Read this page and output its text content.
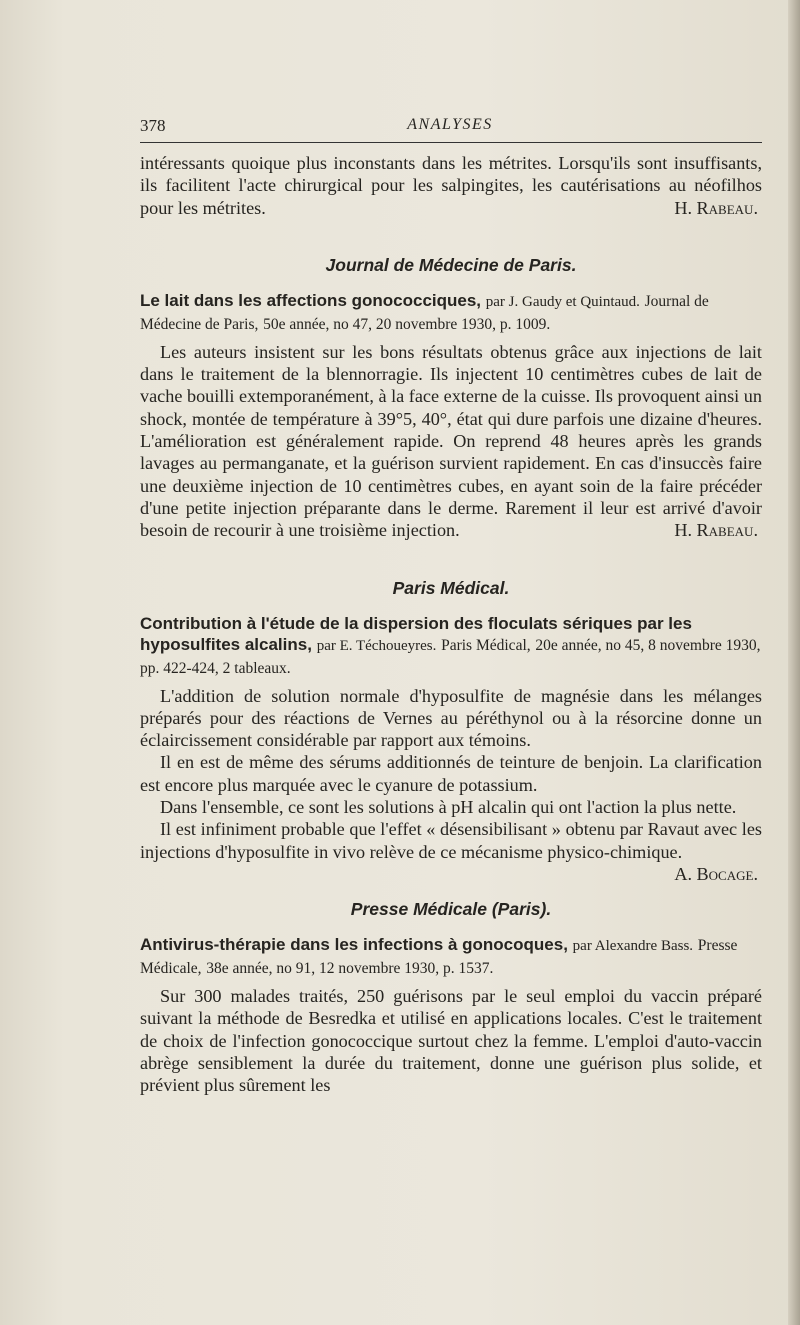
378	ANALYSES

intéressants quoique plus inconstants dans les métrites. Lorsqu'ils sont insuffisants, ils facilitent l'acte chirurgical pour les salpingites, les cautérisations au néofilhos pour les métrites.	H. Rabeau.

Journal de Médecine de Paris.
Le lait dans les affections gonococciques, par J. Gaudy et Quintaud. Journal de Médecine de Paris, 50e année, no 47, 20 novembre 1930, p. 1009.

Les auteurs insistent sur les bons résultats obtenus grâce aux injections de lait dans le traitement de la blennorragie. Ils injectent 10 centimètres cubes de lait de vache bouilli extemporanément, à la face externe de la cuisse. Ils provoquent ainsi un shock, montée de température à 39°5, 40°, état qui dure parfois une dizaine d'heures. L'amélioration est généralement rapide. On reprend 48 heures après les grands lavages au permanganate, et la guérison survient rapidement. En cas d'insuccès faire une deuxième injection de 10 centimètres cubes, en ayant soin de la faire précéder d'une petite injection préparante dans le derme. Rarement il leur est arrivé d'avoir besoin de recourir à une troisième injection.	H. Rabeau.

Paris Médical.
Contribution à l'étude de la dispersion des floculats sériques par les hyposulfites alcalins, par E. Téchoueyres. Paris Médical, 20e année, no 45, 8 novembre 1930, pp. 422-424, 2 tableaux.

L'addition de solution normale d'hyposulfite de magnésie dans les mélanges préparés pour des réactions de Vernes au péréthynol ou à la résorcine donne un éclaircissement considérable par rapport aux témoins.

Il en est de même des sérums additionnés de teinture de benjoin. La clarification est encore plus marquée avec le cyanure de potassium.

Dans l'ensemble, ce sont les solutions à pH alcalin qui ont l'action la plus nette.

Il est infiniment probable que l'effet « désensibilisant » obtenu par Ravaut avec les injections d'hyposulfite in vivo relève de ce mécanisme physico-chimique.
A. Bocage.

Presse Médicale (Paris).
Antivirus-thérapie dans les infections à gonocoques, par Alexandre Bass. Presse Médicale, 38e année, no 91, 12 novembre 1930, p. 1537.

Sur 300 malades traités, 250 guérisons par le seul emploi du vaccin préparé suivant la méthode de Besredka et utilisé en applications locales. C'est le traitement de choix de l'infection gonococcique surtout chez la femme. L'emploi d'auto-vaccin abrège sensiblement la durée du traitement, donne une guérison plus solide, et prévient plus sûrement les
